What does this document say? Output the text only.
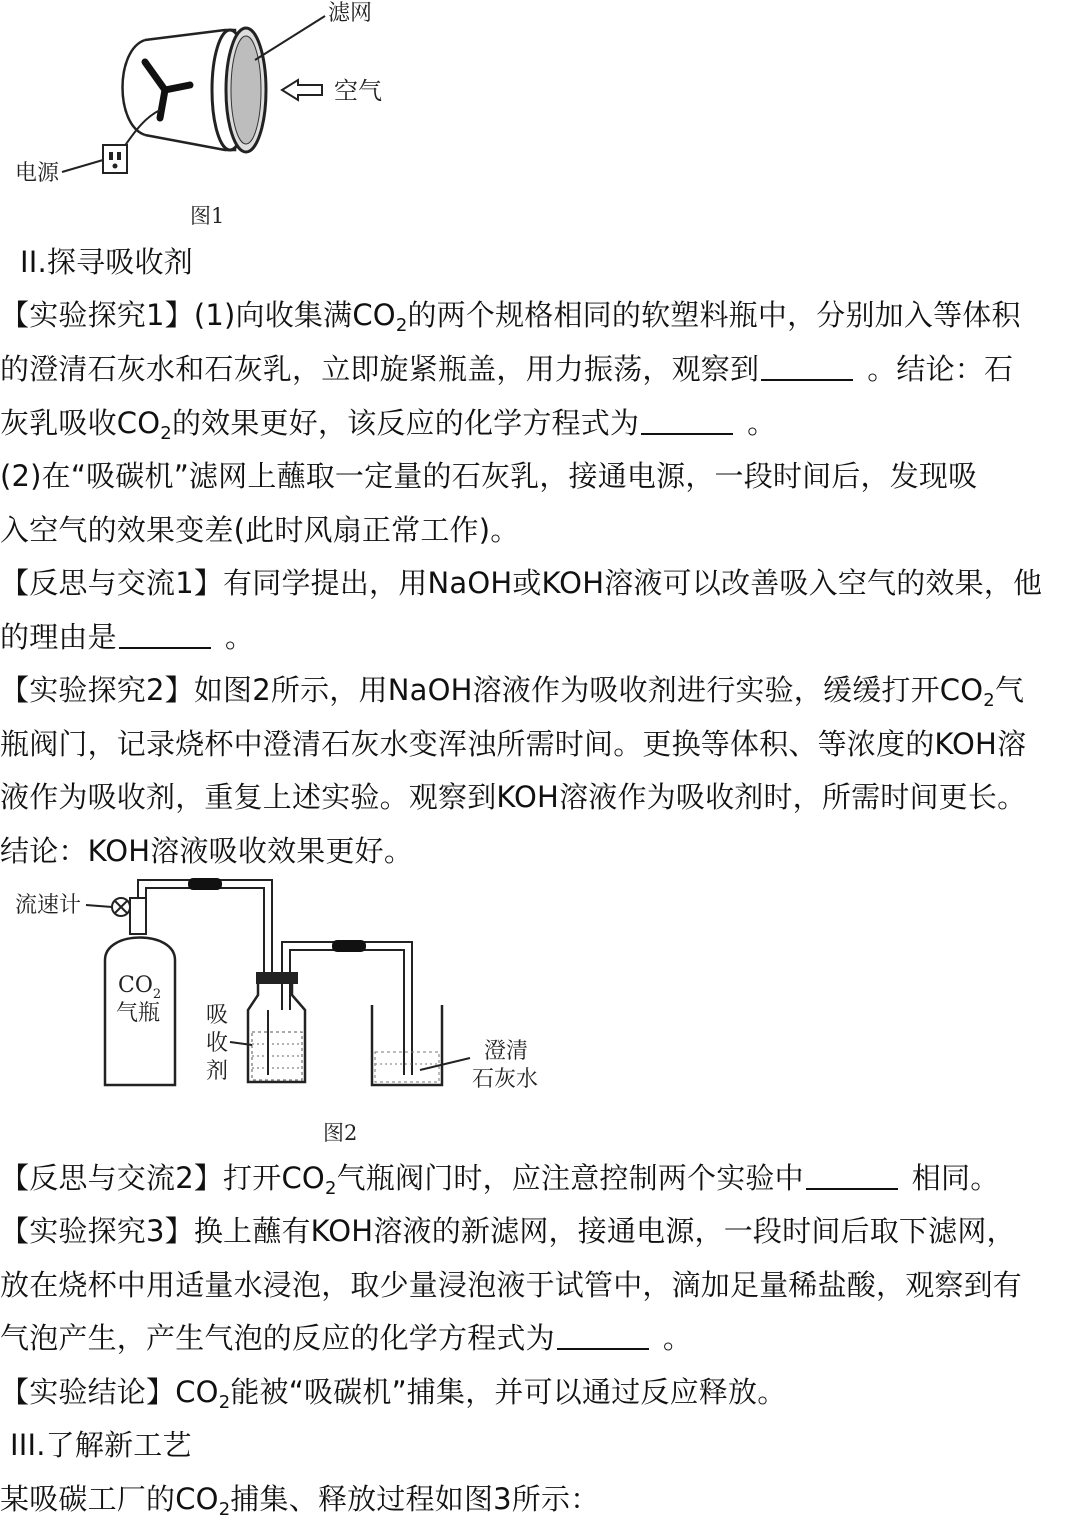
滤网
空气
电源
图1
II.探寻吸收剂
【实验探究1】(1)向收集满$CO_2$的两个规格相同的软塑料瓶中，分别加入等体积
的澄清石灰水和石灰乳，立即旋紧瓶盖，用力振荡，观察到	。结论：石
灰乳吸收$CO_2$的效果更好，该反应的化学方程式为	。
(2)在“吸碳机”滤网上蘸取一定量的石灰乳，接通电源，一段时间后，发现吸
入空气的效果变差(此时风扇正常工作)。
【反思与交流1】有同学提出，用NaOH或KOH溶液可以改善吸入空气的效果，他
的理由是	。
【实验探究2】如图2所示，用NaOH溶液作为吸收剂进行实验，缓缓打开$CO_2$气
瓶阀门，记录烧杯中澄清石灰水变浑浊所需时间。更换等体积、等浓度的KOH溶
液作为吸收剂，重复上述实验。观察到KOH溶液作为吸收剂时，所需时间更长。
结论：KOH溶液吸收效果更好。
流速计
$CO_2$
气瓶 吸
收
剂
澄清
石灰水
图2
【反思与交流2】打开$CO_2$气瓶阀门时，应注意控制两个实验中	相同。
【实验探究3】换上蘸有KOH溶液的新滤网，接通电源，一段时间后取下滤网，
放在烧杯中用适量水浸泡，取少量浸泡液于试管中，滴加足量稀盐酸，观察到有
气泡产生，产生气泡的反应的化学方程式为	。
【实验结论】$CO_2$能被“吸碳机”捕集，并可以通过反应释放。
III.了解新工艺
某吸碳工厂的$CO_2$捕集、释放过程如图3所示：
